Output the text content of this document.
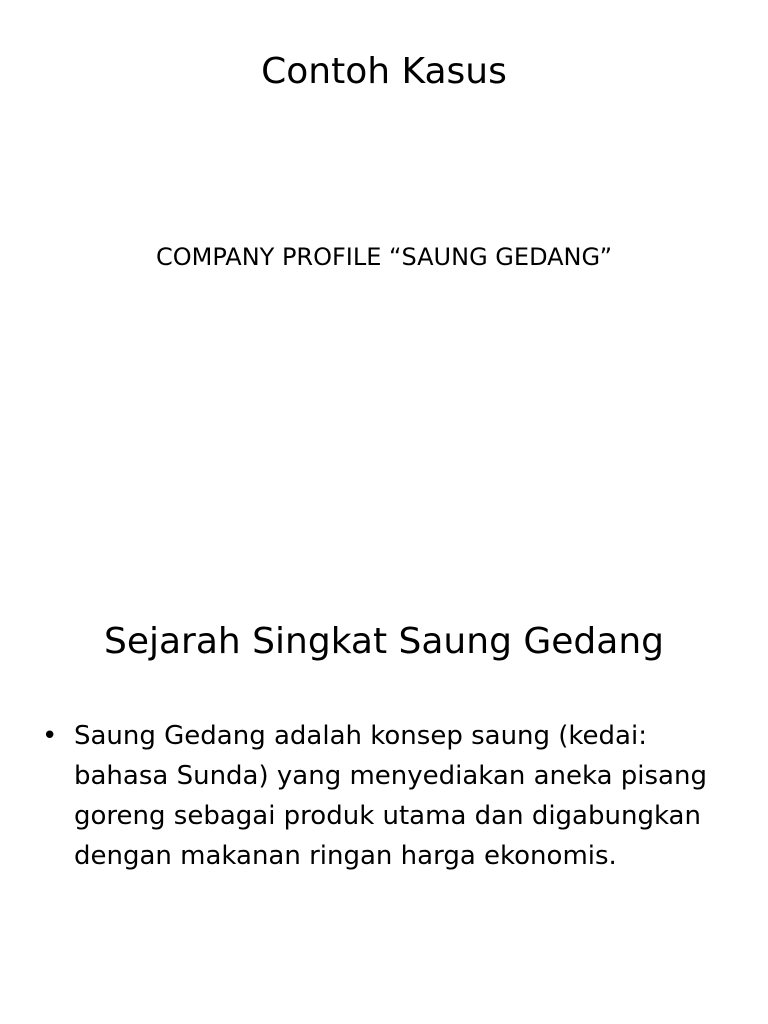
Contoh Kasus

COMPANY PROFILE “SAUNG GEDANG”

Sejarah Singkat Saung Gedang
• Saung Gedang adalah konsep saung (kedai: bahasa Sunda) yang menyediakan aneka pisang goreng sebagai produk utama dan digabungkan dengan makanan ringan harga ekonomis.
